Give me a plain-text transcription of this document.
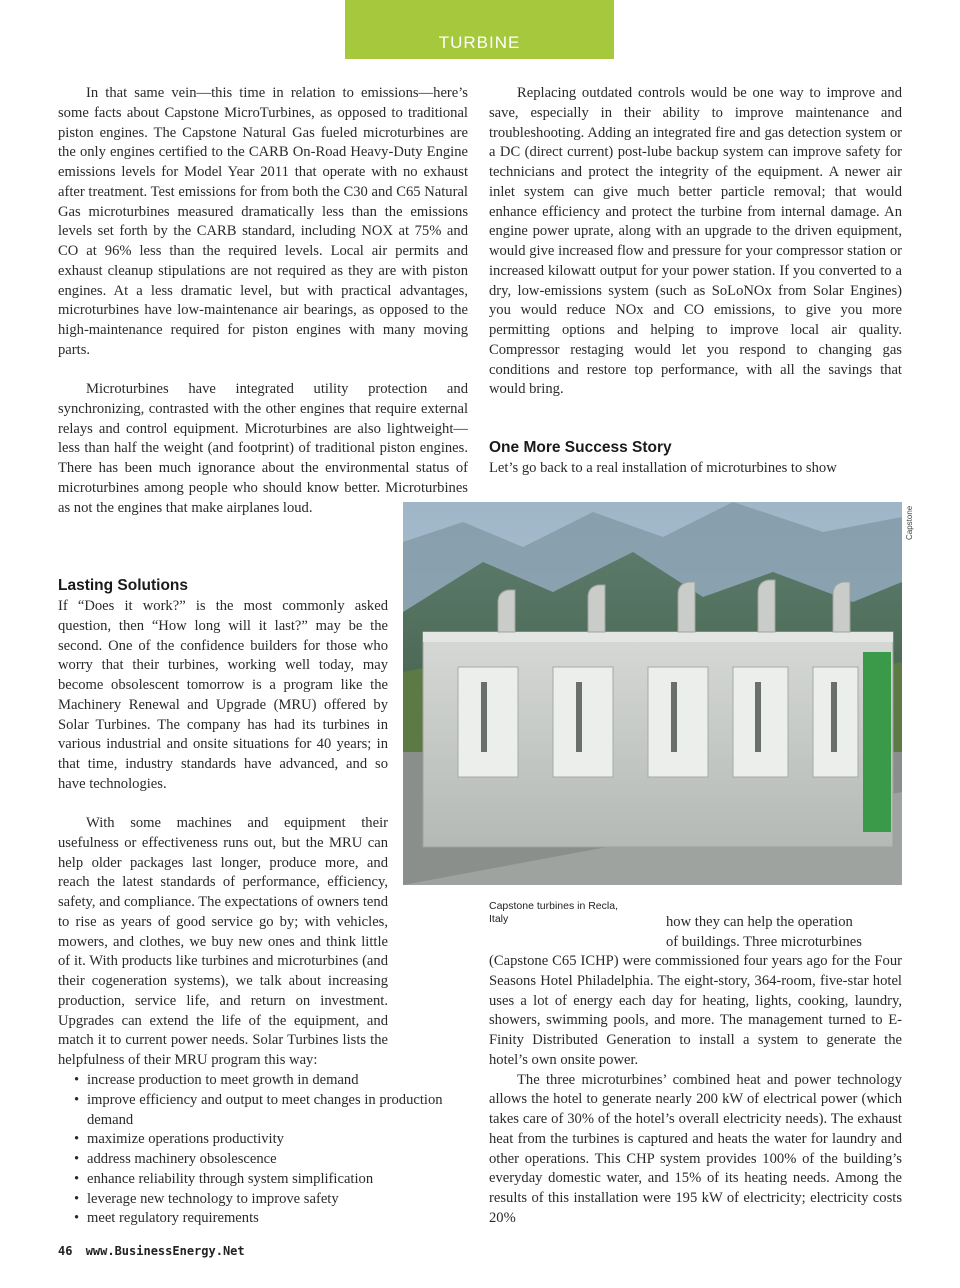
TURBINE

In that same vein—this time in relation to emissions—here’s some facts about Capstone MicroTurbines, as opposed to traditional piston engines. The Capstone Natural Gas fueled microturbines are the only engines certified to the CARB On-Road Heavy-Duty Engine emissions levels for Model Year 2011 that operate with no exhaust after treatment. Test emissions for from both the C30 and C65 Natural Gas microturbines measured dramatically less than the emissions levels set forth by the CARB standard, including NOX at 75% and CO at 96% less than the required levels. Local air permits and exhaust cleanup stipulations are not required as they are with piston engines. At a less dramatic level, but with practical advantages, microturbines have low-maintenance air bearings, as opposed to the high-maintenance required for piston engines with many moving parts.

Microturbines have integrated utility protection and synchronizing, contrasted with the other engines that require external relays and control equipment. Microturbines are also lightweight—less than half the weight (and footprint) of traditional piston engines. There has been much ignorance about the environmental status of microturbines among people who should know better. Microturbines as not the engines that make airplanes loud.

Lasting Solutions

If “Does it work?” is the most commonly asked question, then “How long will it last?” may be the second. One of the confidence builders for those who worry that their turbines, working well today, may become obsolescent tomorrow is a program like the Machinery Renewal and Upgrade (MRU) offered by Solar Turbines. The company has had its turbines in various industrial and onsite situations for 40 years; in that time, industry standards have advanced, and so have technologies.

With some machines and equipment their usefulness or effectiveness runs out, but the MRU can help older packages last longer, produce more, and reach the latest standards of performance, efficiency, safety, and compliance. The expectations of owners tend to rise as years of good service go by; with vehicles, mowers, and clothes, we buy new ones and think little of it. With products like turbines and microturbines (and their cogeneration systems), we talk about increasing production, service life, and return on investment. Upgrades can extend the life of the equipment, and match it to current power needs. Solar Turbines lists the helpfulness of their MRU program this way:

• increase production to meet growth in demand
• improve efficiency and output to meet changes in production demand
• maximize operations productivity
• address machinery obsolescence
• enhance reliability through system simplification
• leverage new technology to improve safety
• meet regulatory requirements

Replacing outdated controls would be one way to improve and save, especially in their ability to improve maintenance and troubleshooting. Adding an integrated fire and gas detection system or a DC (direct current) post-lube backup system can improve safety for technicians and protect the integrity of the equipment. A newer air inlet system can give much better particle removal; that would enhance efficiency and protect the turbine from internal damage. An engine power uprate, along with an upgrade to the driven equipment, would give increased flow and pressure for your compressor station or increased kilowatt output for your power station. If you converted to a dry, low-emissions system (such as SoLoNOx from Solar Engines) you would reduce NOx and CO emissions, to give you more permitting options and helping to improve local air quality. Compressor restaging would let you respond to changing gas conditions and restore top performance, with all the savings that would bring.

One More Success Story

Let’s go back to a real installation of microturbines to show

Capstone
Capstone turbines in Recla, Italy	how they can help the operation

of buildings. Three microturbines

(Capstone C65 ICHP) were commissioned four years ago for the Four Seasons Hotel Philadelphia. The eight-story, 364-room, five-star hotel uses a lot of energy each day for heating, lights, cooking, laundry, showers, swimming pools, and more. The management turned to E-Finity Distributed Generation to install a system to generate the hotel’s own onsite power.

The three microturbines’ combined heat and power technology allows the hotel to generate nearly 200 kW of electrical power (which takes care of 30% of the hotel’s overall electricity needs). The exhaust heat from the turbines is captured and heats the water for laundry and other operations. This CHP system provides 100% of the building’s everyday domestic water, and 15% of its heating needs. Among the results of this installation were 195 kW of electricity; electricity costs 20%

46 www.BusinessEnergy.Net
